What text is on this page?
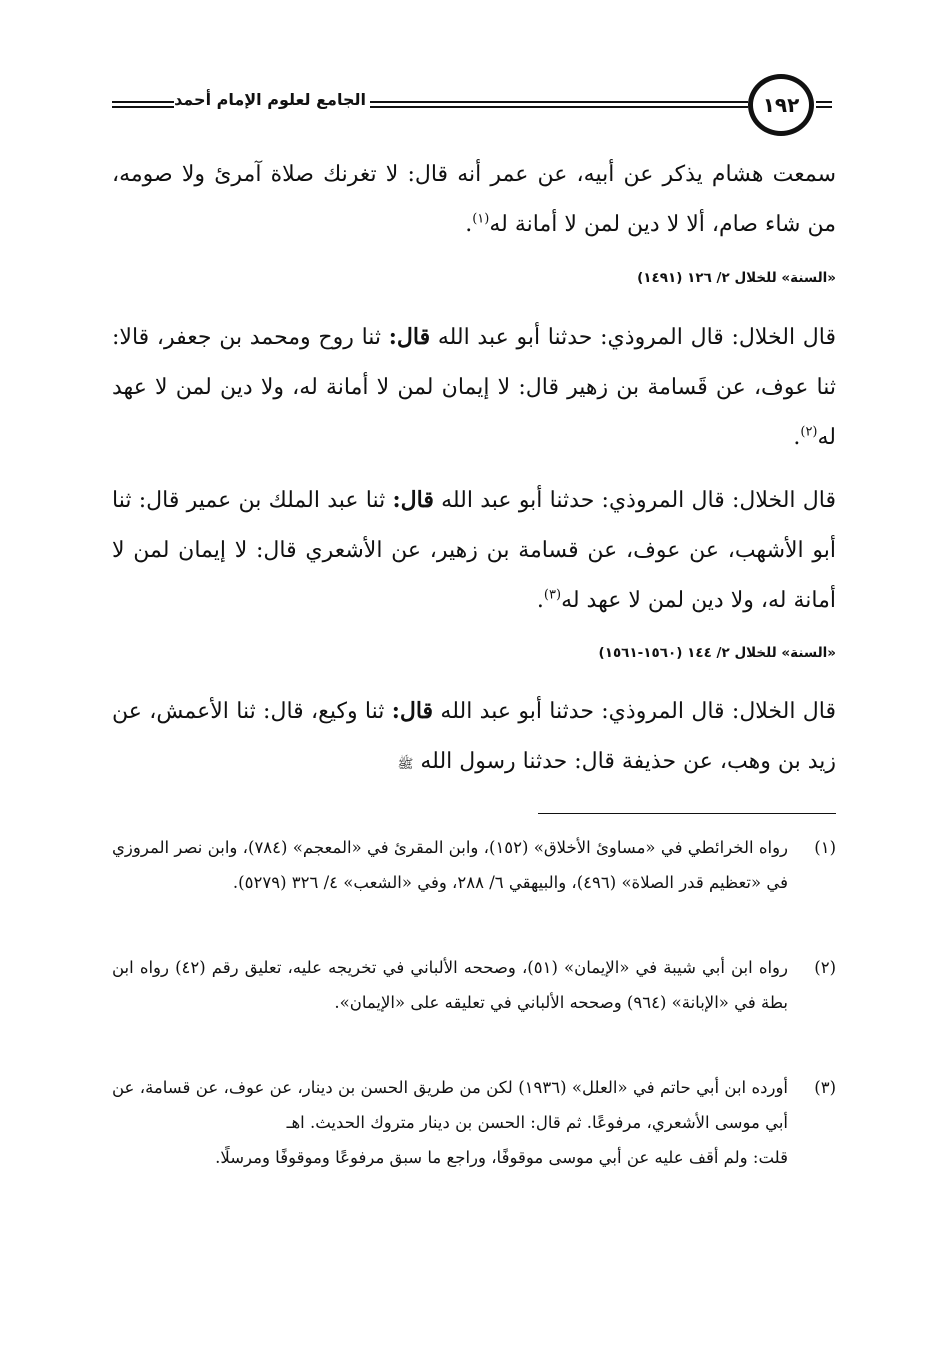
الجامع لعلوم الإمام أحمد	١٩٢
سمعت هشام يذكر عن أبيه، عن عمر أنه قال: لا تغرنك صلاة آمرئ ولا صومه، من شاء صام، ألا لا دين لمن لا أمانة له$^{(١)}$.
«السنة» للخلال ٢/ ١٢٦ (١٤٩١)
قال الخلال: قال المروذي: حدثنا أبو عبد الله قال: ثنا روح ومحمد بن جعفر، قالا: ثنا عوف، عن قَسامة بن زهير قال: لا إيمان لمن لا أمانة له، ولا دين لمن لا عهد له$^{(٢)}$.
قال الخلال: قال المروذي: حدثنا أبو عبد الله قال: ثنا عبد الملك بن عمير قال: ثنا أبو الأشهب، عن عوف، عن قسامة بن زهير، عن الأشعري قال: لا إيمان لمن لا أمانة له، ولا دين لمن لا عهد له$^{(٣)}$.
«السنة» للخلال ٢/ ١٤٤ (١٥٦٠-١٥٦١)
قال الخلال: قال المروذي: حدثنا أبو عبد الله قال: ثنا وكيع، قال: ثنا الأعمش، عن زيد بن وهب، عن حذيفة قال: حدثنا رسول الله ﷺ
(١)
رواه الخرائطي في «مساوئ الأخلاق» (١٥٢)، وابن المقرئ في «المعجم» (٧٨٤)، وابن نصر المروزي في «تعظيم قدر الصلاة» (٤٩٦)، والبيهقي ٦/ ٢٨٨، وفي «الشعب» ٤/ ٣٢٦ (٥٢٧٩).
(٢)
رواه ابن أبي شيبة في «الإيمان» (٥١)، وصححه الألباني في تخريجه عليه، تعليق رقم (٤٢) رواه ابن بطة في «الإبانة» (٩٦٤) وصححه الألباني في تعليقه على «الإيمان».
(٣)
أورده ابن أبي حاتم في «العلل» (١٩٣٦) لكن من طريق الحسن بن دينار، عن عوف، عن قسامة، عن أبي موسى الأشعري، مرفوعًا. ثم قال: الحسن بن دينار متروك الحديث. اهـ
قلت: ولم أقف عليه عن أبي موسى موقوفًا، وراجع ما سبق مرفوعًا وموقوفًا ومرسلًا.
